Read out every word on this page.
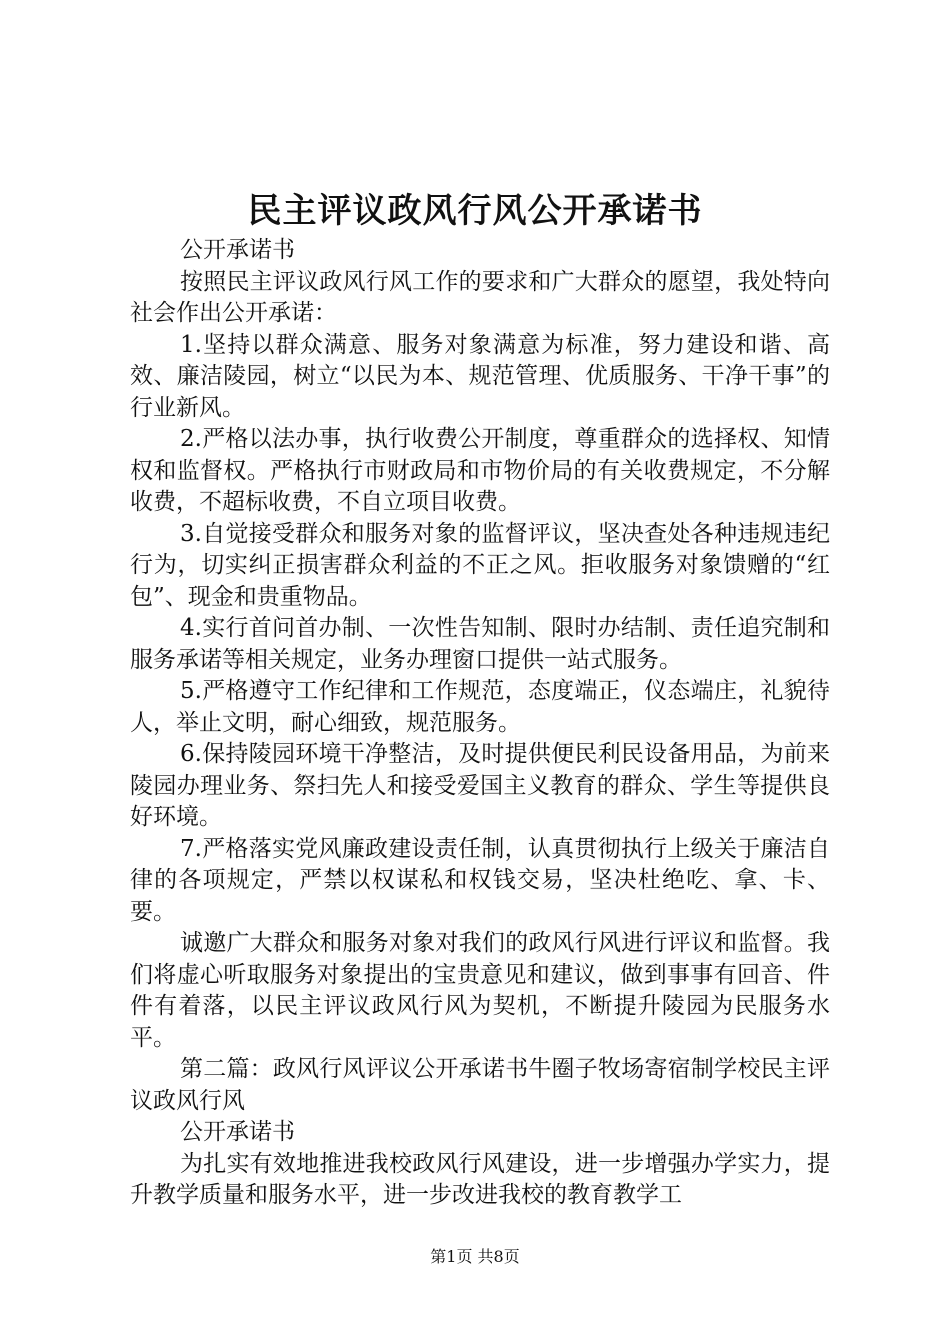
民主评议政风行风公开承诺书

公开承诺书

按照民主评议政风行风工作的要求和广大群众的愿望，我处特向社会作出公开承诺：

1.坚持以群众满意、服务对象满意为标准，努力建设和谐、高效、廉洁陵园，树立“以民为本、规范管理、优质服务、干净干事”的行业新风。

2.严格以法办事，执行收费公开制度，尊重群众的选择权、知情权和监督权。严格执行市财政局和市物价局的有关收费规定，不分解收费，不超标收费，不自立项目收费。

3.自觉接受群众和服务对象的监督评议，坚决查处各种违规违纪行为，切实纠正损害群众利益的不正之风。拒收服务对象馈赠的“红包”、现金和贵重物品。

4.实行首问首办制、一次性告知制、限时办结制、责任追究制和服务承诺等相关规定，业务办理窗口提供一站式服务。

5.严格遵守工作纪律和工作规范，态度端正，仪态端庄，礼貌待人，举止文明，耐心细致，规范服务。

6.保持陵园环境干净整洁，及时提供便民利民设备用品，为前来陵园办理业务、祭扫先人和接受爱国主义教育的群众、学生等提供良好环境。

7.严格落实党风廉政建设责任制，认真贯彻执行上级关于廉洁自律的各项规定，严禁以权谋私和权钱交易，坚决杜绝吃、拿、卡、要。

诚邀广大群众和服务对象对我们的政风行风进行评议和监督。我们将虚心听取服务对象提出的宝贵意见和建议，做到事事有回音、件件有着落，以民主评议政风行风为契机，不断提升陵园为民服务水平。

第二篇：政风行风评议公开承诺书牛圈子牧场寄宿制学校民主评议政风行风

公开承诺书

为扎实有效地推进我校政风行风建设，进一步增强办学实力，提升教学质量和服务水平，进一步改进我校的教育教学工

第1页 共8页
